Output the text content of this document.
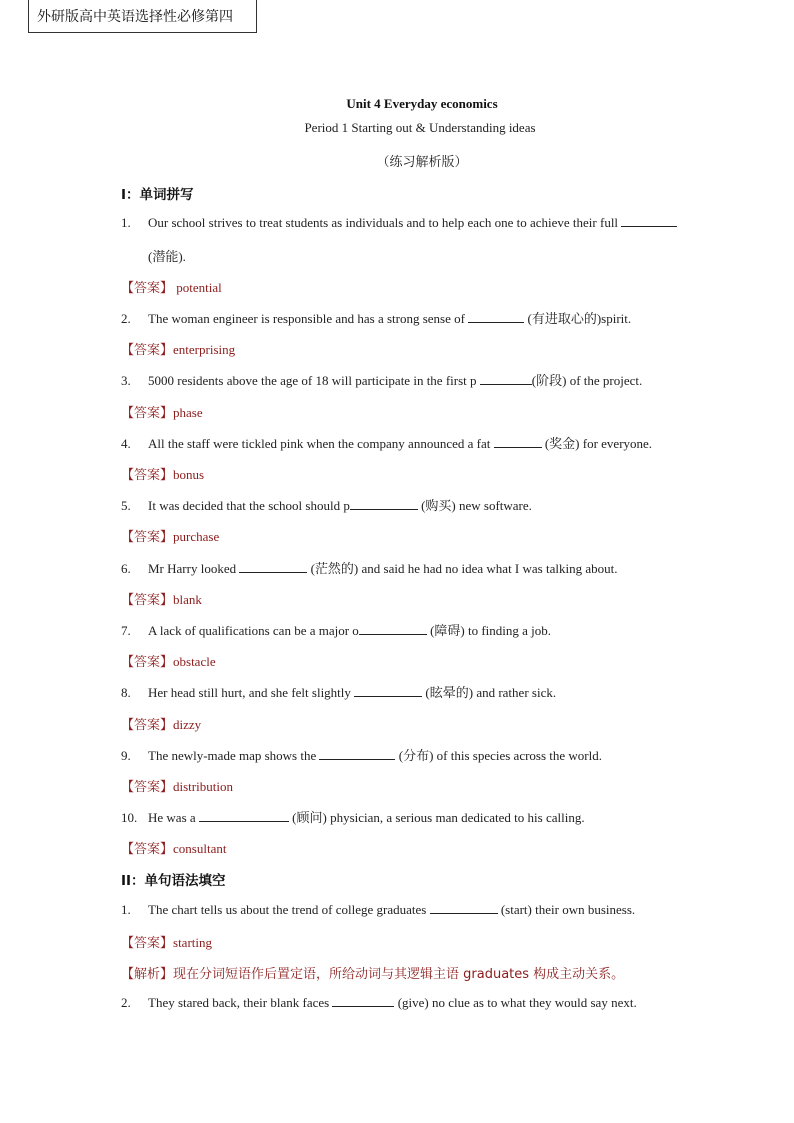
外研版高中英语选择性必修第四
Unit 4 Everyday economics
Period 1 Starting out & Understanding ideas
（练习解析版）
I：单词拼写
1. Our school strives to treat students as individuals and to help each one to achieve their full
(潜能).
【答案】 potential
2. The woman engineer is responsible and has a strong sense of	(有进取心的)spirit.
【答案】enterprising
3. 5000 residents above the age of 18 will participate in the first p	(阶段) of the project.
【答案】phase
4. All the staff were tickled pink when the company announced a fat	(奖金) for everyone.
【答案】bonus
5. It was decided that the school should p	(购买) new software.
【答案】purchase
6. Mr Harry looked	(茫然的) and said he had no idea what I was talking about.
【答案】blank
7. A lack of qualifications can be a major o	(障碍) to finding a job.
【答案】obstacle
8. Her head still hurt, and she felt slightly	(眩晕的) and rather sick.
【答案】dizzy
9. The newly-made map shows the	(分布) of this species across the world.
【答案】distribution
10. He was a	(顾问) physician, a serious man dedicated to his calling.
【答案】consultant
II：单句语法填空
1. The chart tells us about the trend of college graduates	(start) their own business.
【答案】starting
【解析】现在分词短语作后置定语，所给动词与其逻辑主语 graduates 构成主动关系。
2. They stared back, their blank faces	(give) no clue as to what they would say next.
